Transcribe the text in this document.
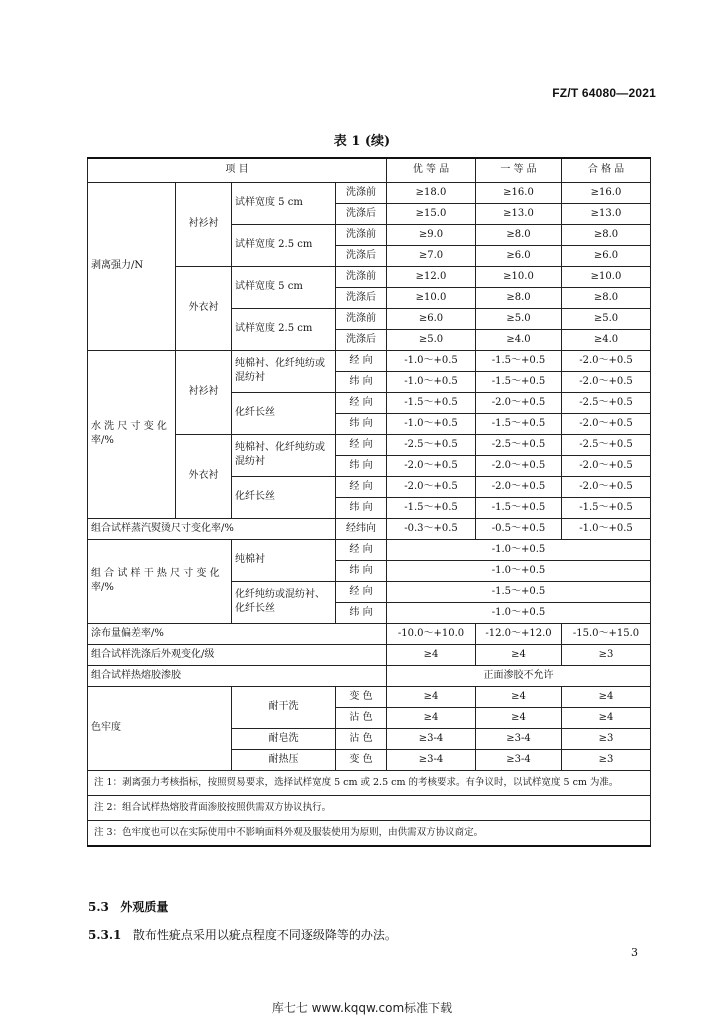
FZ/T 64080—2021
表 1 (续)
项 目				优 等 品	一 等 品	合 格 品
剥离强力/N	衬衫衬	试样宽度 5 cm	洗涤前	≥18.0	≥16.0	≥16.0
			洗涤后	≥15.0	≥13.0	≥13.0
		试样宽度 2.5 cm	洗涤前	≥9.0	≥8.0	≥8.0
			洗涤后	≥7.0	≥6.0	≥6.0
	外衣衬	试样宽度 5 cm	洗涤前	≥12.0	≥10.0	≥10.0
			洗涤后	≥10.0	≥8.0	≥8.0
		试样宽度 2.5 cm	洗涤前	≥6.0	≥5.0	≥5.0
			洗涤后	≥5.0	≥4.0	≥4.0
水 洗 尺 寸 变 化率/%	衬衫衬	纯棉衬、化纤纯纺或混纺衬	经 向	-1.0～+0.5	-1.5～+0.5	-2.0～+0.5
			纬 向	-1.0～+0.5	-1.5～+0.5	-2.0～+0.5
		化纤长丝	经 向	-1.5～+0.5	-2.0～+0.5	-2.5～+0.5
			纬 向	-1.0～+0.5	-1.5～+0.5	-2.0～+0.5
	外衣衬	纯棉衬、化纤纯纺或混纺衬	经 向	-2.5～+0.5	-2.5～+0.5	-2.5～+0.5
			纬 向	-2.0～+0.5	-2.0～+0.5	-2.0～+0.5
		化纤长丝	经 向	-2.0～+0.5	-2.0～+0.5	-2.0～+0.5
			纬 向	-1.5～+0.5	-1.5～+0.5	-1.5～+0.5
组合试样蒸汽熨烫尺寸变化率/%			经纬向	-0.3～+0.5	-0.5～+0.5	-1.0～+0.5
组 合 试 样 干 热 尺 寸 变 化率/%		纯棉衬	经 向	-1.0～+0.5		
			纬 向	-1.0～+0.5		
		化纤纯纺或混纺衬、化纤长丝	经 向	-1.5～+0.5		
			纬 向	-1.0～+0.5		
涂布量偏差率/%				-10.0～+10.0	-12.0～+12.0	-15.0～+15.0
组合试样洗涤后外观变化/级				≥4	≥4	≥3
组合试样热熔胶渗胶				正面渗胶不允许		
色牢度		耐干洗	变 色	≥4	≥4	≥4
			沾 色	≥4	≥4	≥4
		耐皂洗	沾 色	≥3-4	≥3-4	≥3
		耐热压	变 色	≥3-4	≥3-4	≥3
注 1：剥离强力考核指标，按照贸易要求，选择试样宽度 5 cm 或 2.5 cm 的考核要求。有争议时，以试样宽度 5 cm 为准。						
注 2：组合试样热熔胶背面渗胶按照供需双方协议执行。						
注 3：色牢度也可以在实际使用中不影响面料外观及服装使用为原则，由供需双方协议商定。						
5.3 外观质量
5.3.1 散布性疵点采用以疵点程度不同逐级降等的办法。
3
库七七 www.kqqw.com标准下载
